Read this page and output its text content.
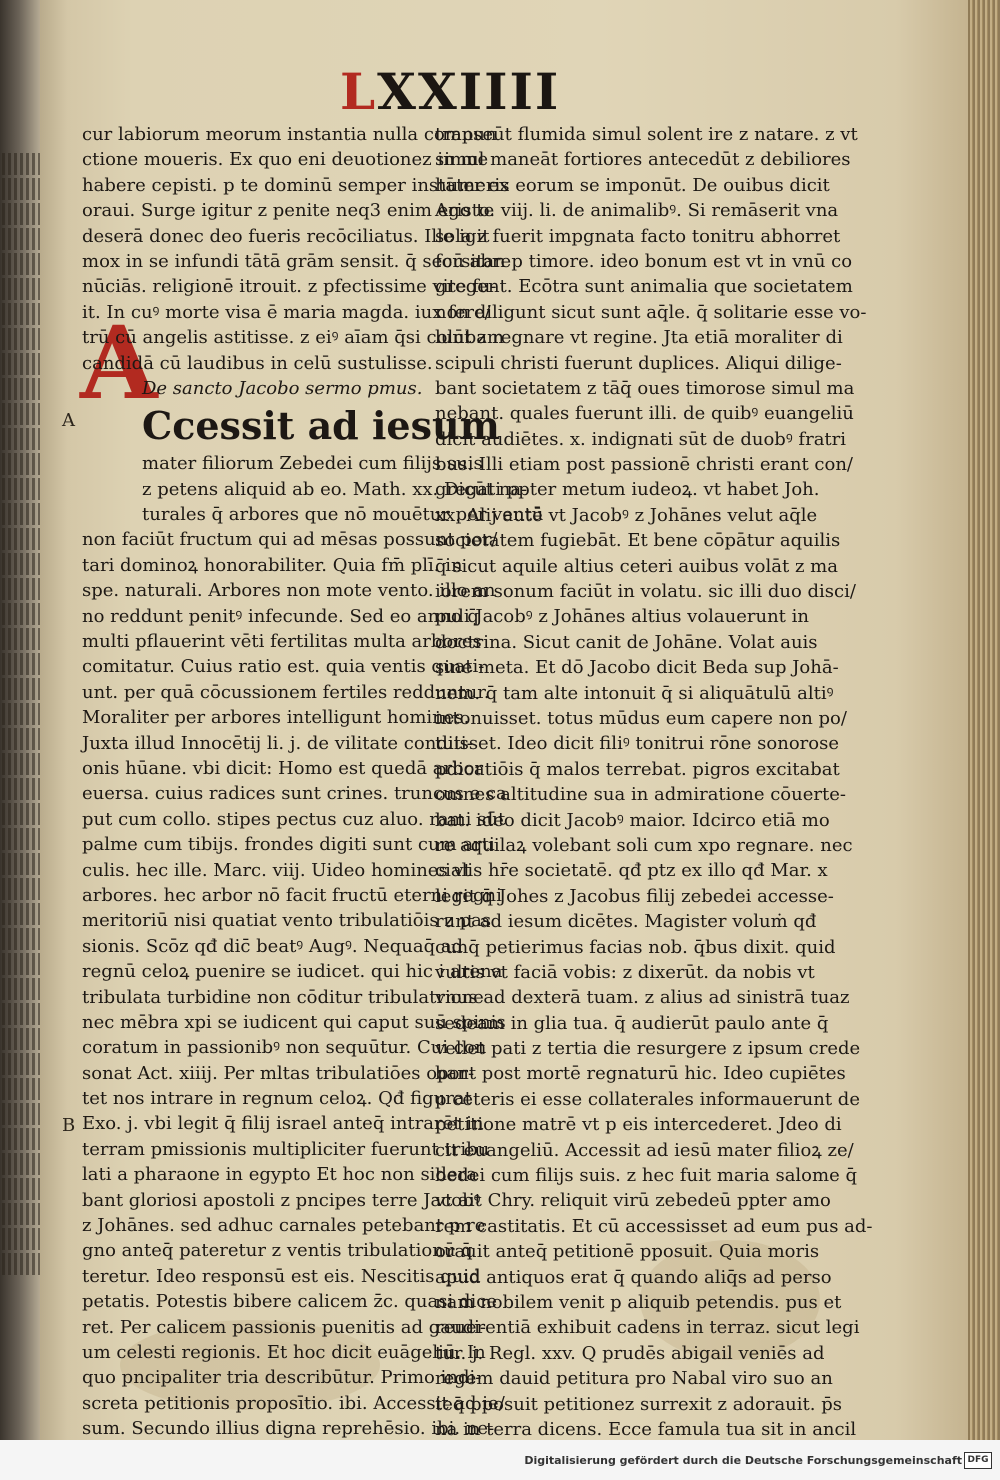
LXXIIII
A
B
A
cur labiorum meorum instantia nulla compun
ctione moueris. Ex quo eni deuotionez in me
habere cepisti. p te dominū semper instāter ex
oraui. Surge igitur z penite neq3 enim ego te
deserā donec deo fueris recōciliatus. Ille igit
mox in se infundi tātā grām sensit. q̄ secū abre
nūciās. religionē itrouit. z pfectissime vite fu-
it. In cuꝰ morte visa ē maria magda. iux fere/
trū cū angelis astitisse. z eiꝰ aīam q̄si colūbam
candidā cū laudibus in celū sustulisse.
De sancto Jacobo sermo pmus.
Ccessit ad iesum
mater filiorum Zebedei cum filijs suis
z petens aliquid ab eo. Math. xx. Dicūt na-
turales q̄ arbores que nō mouētur per ventū
non faciūt fructum qui ad mēsas possunt por/
tari dominoꝝ honorabiliter. Quia fm̄ plī. in
spe. naturali. Arbores non mote vento. illo an
no reddunt penitꝰ infecunde. Sed eo anno q̄
multi pflauerint vēti fertilitas multa arbores
comitatur. Cuius ratio est. quia ventis quati-
unt. per quā cōcussionem fertiles redduntur.
Moraliter per arbores intelligunt homines.
Juxta illud Innocētij li. j. de vilitate conditi-
onis hūane. vbi dicit: Homo est quedā arbor
euersa. cuius radices sunt crines. truncus e ca
put cum collo. stipes pectus cuz aluo. rami sūt
palme cum tibijs. frondes digiti sunt cum arti
culis. hec ille. Marc. viij. Uideo homines vt
arbores. hec arbor nō facit fructū eterni regni
meritoriū nisi quatiat vento tribulatiōis z pas
sionis. Scōz qđ dic̄ beatꝰ Augꝰ. Nequaq̄ ad
regnū celoꝝ puenire se iudicet. qui hic i arena
tribulata turbidine non cōditur tribulatrione
nec mēbra xpi se iudicent qui caput suū spinis
coratum in passionibꝰ non sequūtur. Cui con
sonat Act. xiiij. Per mltas tribulatiōes opor-
tet nos intrare in regnum celoꝝ. Qđ figurat
Exo. j. vbi legit q̄ filij israel anteq̄ intrarēt in
terram pmissionis multipliciter fuerunt tribu
lati a pharaone in egypto Et hoc non sidera
bant gloriosi apostoli z pncipes terre Jacobꝰ
z Johānes. sed adhuc carnales petebant p re
gno anteq̄ pateretur z ventis tribulationū q̄
teretur. Ideo responsū est eis. Nescitis quid
petatis. Potestis bibere calicem z̄c. quasi dice
ret. Per calicem passionis puenitis ad gaudi-
um celesti regionis. Et hoc dicit euāgeliū. In
quo pncipaliter tria describūtur. Primo indi-
screta petitionis proposītio. ibi. Accessit ad ie/
sum. Secundo illius digna reprehēsio. ibi. ne-
transeūt flumida simul solent ire z natare. z vt
simul maneāt fortiores antecedūt z debiliores
humeris eorum se imponūt. De ouibus dicit
Aristo. viij. li. de animalibꝰ. Si remāserit vna
sola z fuerit impgnata facto tonitru abhorret
forsitan p timore. ideo bonum est vt in vnū co
gregent. Ecōtra sunt animalia que societatem
non diligunt sicut sunt aq̄le. q̄ solitarie esse vo-
lunt z regnare vt regine. Jta etiā moraliter di
scipuli christi fuerunt duplices. Aliqui dilige-
bant societatem z tāq̄ oues timorose simul ma
nebant. quales fuerunt illi. de quibꝰ euangeliū
dicit audiētes. x. indignati sūt de duobꝰ fratri
bus. Illi etiam post passionē christi erant con/
gregati ppter metum iudeoꝝ. vt habet Joh.
xx. Alij autē vt Jacobꝰ z Johānes velut aq̄le
societatem fugiebāt. Et bene cōpātur aquilis
q̄ sicut aquile altius ceteri auibus volāt z ma
iorem sonum faciūt in volatu. sic illi duo disci/
puli Jacobꝰ z Johānes altius volauerunt in
doctrina. Sicut canit de Johāne. Volat auis
sine meta. Et dō Jacobo dicit Beda sup Johā-
nem. q̄ tam alte intonuit q̄ si aliquātulū altiꝰ
intonuisset. totus mūdus eum capere non po/
tuisset. Ideo dicit filiꝰ tonitrui rōne sonorose
pdicatiōis q̄ malos terrebat. pigros excitabat
omnes altitudine sua in admiratione cōuerte-
bat. ideo dicit Jacobꝰ maior. Idcirco etiā mo
re aquilaꝝ volebant soli cum xpo regnare. nec
cialis hr̄e societatē. qđ ptz ex illo qđ Mar. x
legit q̄ Johes z Jacobus filij zebedei accesse-
runt ad iesum dicētes. Magister voluṁ qđ
cunq̄ petierimus facias nob. q̄bus dixit. quid
vultis vt faciā vobis: z dixerūt. da nobis vt
vnus ad dexterā tuam. z alius ad sinistrā tuaz
sedeam in glia tua. q̄ audierūt paulo ante q̄
vellet pati z tertia die resurgere z ipsum crede
bant post mortē regnaturū hic. Ideo cupiētes
p ceteris ei esse collaterales informauerunt de
petitione matrē vt p eis intercederet. Jdeo di
cit euangeliū. Accessit ad iesū mater filioꝝ ze/
bedei cum filijs suis. z hec fuit maria salome q̄
vt ait Chry. reliquit virū zebedeū ppter amo
rem castitatis. Et cū accessisset ad eum pus ad-
orauit anteq̄ petitionē pposuit. Quia moris
apud antiquos erat q̄ quando aliq̄s ad perso
nam nobilem venit p aliquib petendis. pus et
reuerentiā exhibuit cadens in terraz. sicut legi
tur. j. Regl. xxv. Q prudēs abigail veniēs ad
regem dauid petitura pro Nabal viro suo an
teq̄ pposuit petitionez surrexit z adorauit. p̄s
na in terra dicens. Ecce famula tua sit in ancil
Digitalisierung gefördert durch die Deutsche Forschungsgemeinschaft DFG
